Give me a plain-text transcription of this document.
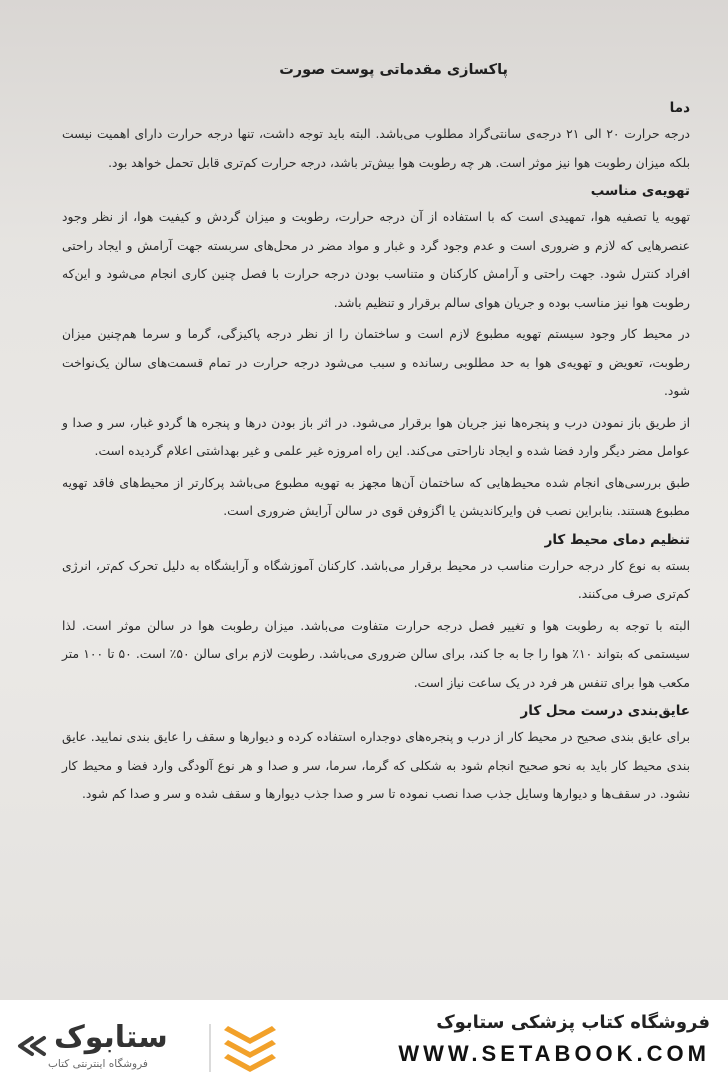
پاکسازی مقدماتی پوست صورت
دما

درجه حرارت ۲۰ الی ۲۱ درجه‌ی سانتی‌گراد مطلوب می‌باشد. البته باید توجه داشت، تنها درجه حرارت دارای اهمیت نیست بلکه میزان رطوبت هوا نیز موثر است. هر چه رطوبت هوا بیش‌تر باشد، درجه حرارت کم‌تری قابل تحمل خواهد بود.

تهویه‌ی مناسب

تهویه یا تصفیه هوا، تمهیدی است که با استفاده از آن درجه حرارت، رطوبت و میزان گردش و کیفیت هوا، از نظر وجود عنصرهایی که لازم و ضروری است و عدم وجود گرد و غبار و مواد مضر در محل‌های سربسته جهت آرامش و ایجاد راحتی افراد کنترل شود. جهت راحتی و آرامش کارکنان و متناسب بودن درجه حرارت با فصل چنین کاری انجام می‌شود و این‌که رطوبت هوا نیز مناسب بوده و جریان هوای سالم برقرار و تنظیم باشد.

در محیط کار وجود سیستم تهویه مطبوع لازم است و ساختمان را از نظر درجه پاکیزگی، گرما و سرما هم‌چنین میزان رطوبت، تعویض و تهویه‌ی هوا به حد مطلوبی رسانده و سبب می‌شود درجه حرارت در تمام قسمت‌های سالن یک‌نواخت شود.

از طریق باز نمودن درب و پنجره‌ها نیز جریان هوا برقرار می‌شود. در اثر باز بودن درها و پنجره ها گردو غبار، سر و صدا و عوامل مضر دیگر وارد فضا شده و ایجاد ناراحتی می‌کند. این راه امروزه غیر علمی و غیر بهداشتی اعلام گردیده است.

طبق بررسی‌های انجام شده محیط‌هایی که ساختمان آن‌ها مجهز به تهویه مطبوع می‌باشد پرکارتر از محیط‌های فاقد تهویه مطبوع هستند. بنابراین نصب فن وایرکاندیشن یا اگزوفن قوی در سالن آرایش ضروری است.

تنظیم دمای محیط کار

بسته به نوع کار درجه حرارت مناسب در محیط برقرار می‌باشد. کارکنان آموزشگاه و آرایشگاه به دلیل تحرک کم‌تر، انرژی کم‌تری صرف می‌کنند.

البته با توجه به رطوبت هوا و تغییر فصل درجه حرارت متفاوت می‌باشد. میزان رطوبت هوا در سالن موثر است. لذا سیستمی که بتواند ۱۰٪ هوا را جا به جا کند، برای سالن ضروری می‌باشد. رطوبت لازم برای سالن ۵۰٪ است. ۵۰ تا ۱۰۰ متر مکعب هوا برای تنفس هر فرد در یک ساعت نیاز است.

عایق‌بندی درست محل کار

برای عایق بندی صحیح در محیط کار از درب و پنجره‌های دوجداره استفاده کرده و دیوارها و سقف را عایق بندی نمایید. عایق بندی محیط کار باید به نحو صحیح انجام شود به شکلی که گرما، سرما، سر و صدا و هر نوع آلودگی وارد فضا و محیط کار نشود. در سقف‌ها و دیوارها وسایل جذب صدا نصب نموده تا سر و صدا جذب دیوارها و سقف شده و سر و صدا کم شود.

ستابوک
فروشگاه اینترنتی کتاب
فروشگاه کتاب پزشکی ستابوک
WWW.SETABOOK.COM
